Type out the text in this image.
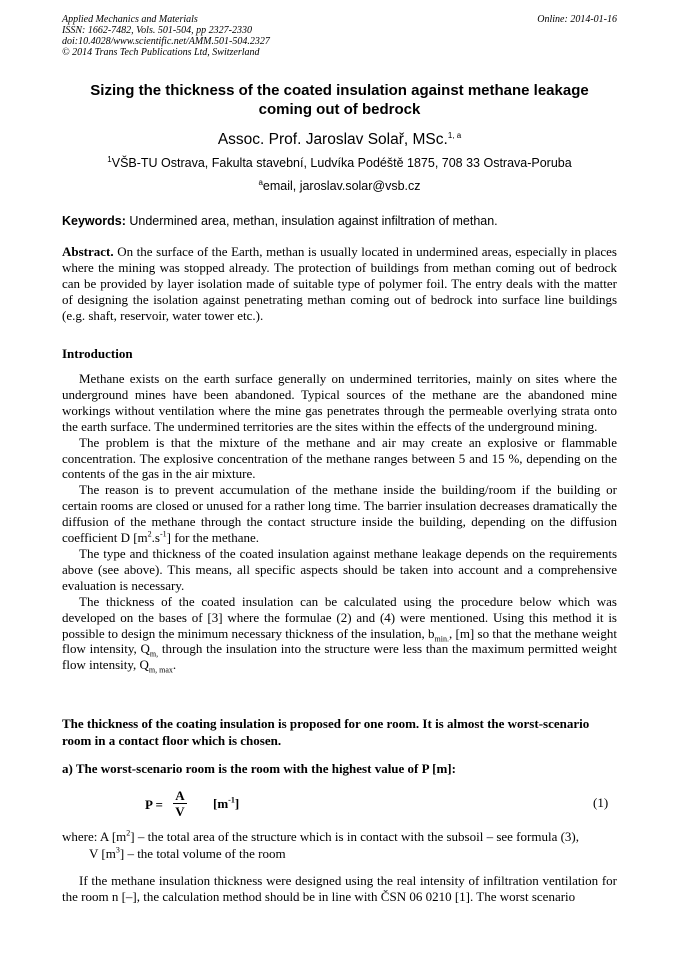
Applied Mechanics and Materials
ISSN: 1662-7482, Vols. 501-504, pp 2327-2330
doi:10.4028/www.scientific.net/AMM.501-504.2327
© 2014 Trans Tech Publications Ltd, Switzerland
Online: 2014-01-16
Sizing the thickness of the coated insulation against methane leakage coming out of bedrock
Assoc. Prof. Jaroslav Solař, MSc.$^{1, a}$
$^1$VŠB-TU Ostrava, Fakulta stavební, Ludvíka Podéště 1875, 708 33 Ostrava-Poruba
$^a$email, jaroslav.solar@vsb.cz
Keywords: Undermined area, methan, insulation against infiltration of methan.

Abstract. On the surface of the Earth, methan is usually located in undermined areas, especially in places where the mining was stopped already. The protection of buildings from methan coming out of bedrock can be provided by layer isolation made of suitable type of polymer foil. The entry deals with the matter of designing the isolation against penetrating methan coming out of bedrock into surface line buildings (e.g. shaft, reservoir, water tower etc.).

Introduction

Methane exists on the earth surface generally on undermined territories, mainly on sites where the underground mines have been abandoned. Typical sources of the methane are the abandoned mine workings without ventilation where the mine gas penetrates through the permeable overlying strata onto the earth surface. The undermined territories are the sites within the effects of the underground mining.

The problem is that the mixture of the methane and air may create an explosive or flammable concentration. The explosive concentration of the methane ranges between 5 and 15 %, depending on the contents of the gas in the air mixture.

The reason is to prevent accumulation of the methane inside the building/room if the building or certain rooms are closed or unused for a rather long time. The barrier insulation decreases dramatically the diffusion of the methane through the contact structure inside the building, depending on the diffusion coefficient D $[m^2.s^{-1}]$ for the methane.

The type and thickness of the coated insulation against methane leakage depends on the requirements above (see above). This means, all specific aspects should be taken into account and a comprehensive evaluation is necessary.

The thickness of the coated insulation can be calculated using the procedure below which was developed on the bases of [3] where the formulae (2) and (4) were mentioned. Using this method it is possible to design the minimum necessary thickness of the insulation, $b_{min.}$, [m] so that the methane weight flow intensity, $Q_{m,}$ through the insulation into the structure were less than the maximum permitted weight flow intensity, $Q_{m, max}$.

The thickness of the coating insulation is proposed for one room. It is almost the worst-scenario room in a contact floor which is chosen.
a) The worst-scenario room is the room with the highest value of P [m]:
$P = \frac{A}{V} [m^{-1}]$	(1)
where: A $[m^2]$ – the total area of the structure which is in contact with the subsoil – see formula (3),
V $[m^3]$ – the total volume of the room

If the methane insulation thickness were designed using the real intensity of infiltration ventilation for the room n [–], the calculation method should be in line with ČSN 06 0210 [1]. The worst scenario
